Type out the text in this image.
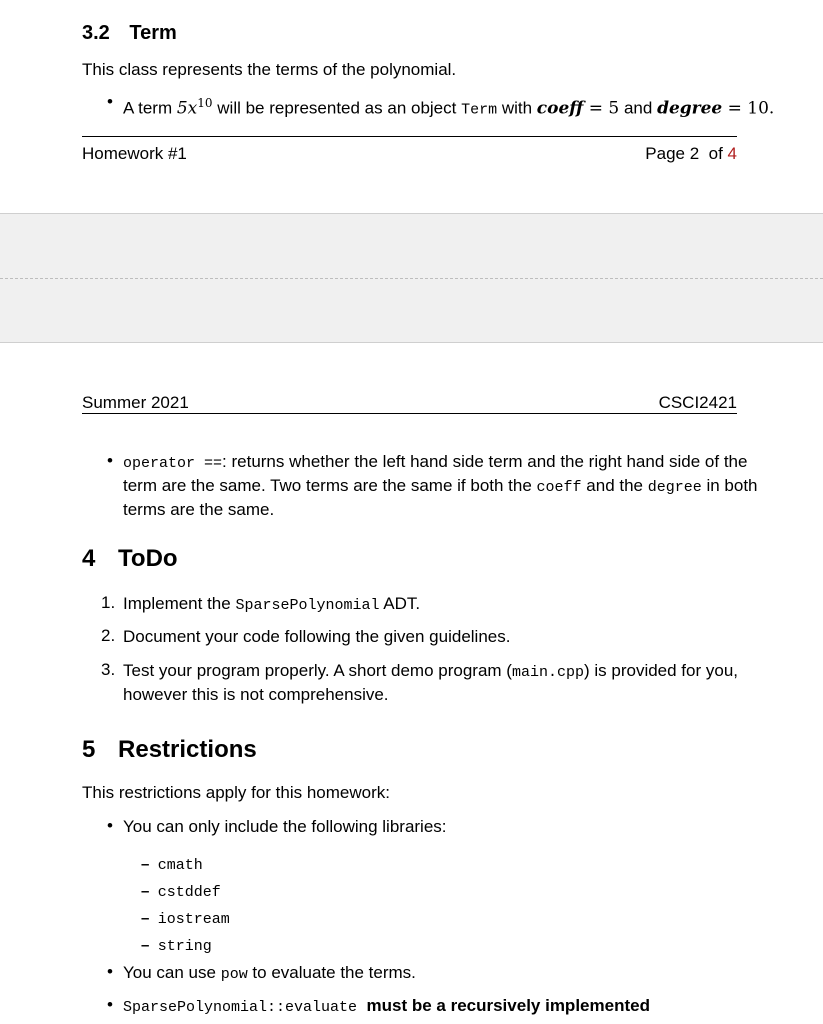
3.2 Term
This class represents the terms of the polynomial.
• A term $5x^{10}$ will be represented as an object Term with coeff = 5 and degree = 10.
Homework #1	Page 2  of 4
Summer 2021	CSCI2421
• operator ==: returns whether the left hand side term and the right hand side of the
term are the same. Two terms are the same if both the coeff and the degree in both
terms are the same.
4 ToDo
1. Implement the SparsePolynomial ADT.
2. Document your code following the given guidelines.
3. Test your program properly. A short demo program (main.cpp) is provided for you,
however this is not comprehensive.
5 Restrictions
This restrictions apply for this homework:
• You can only include the following libraries:
– cmath
– cstddef
– iostream
– string
• You can use pow to evaluate the terms.
• SparsePolynomial::evaluate must be a recursively implemented
